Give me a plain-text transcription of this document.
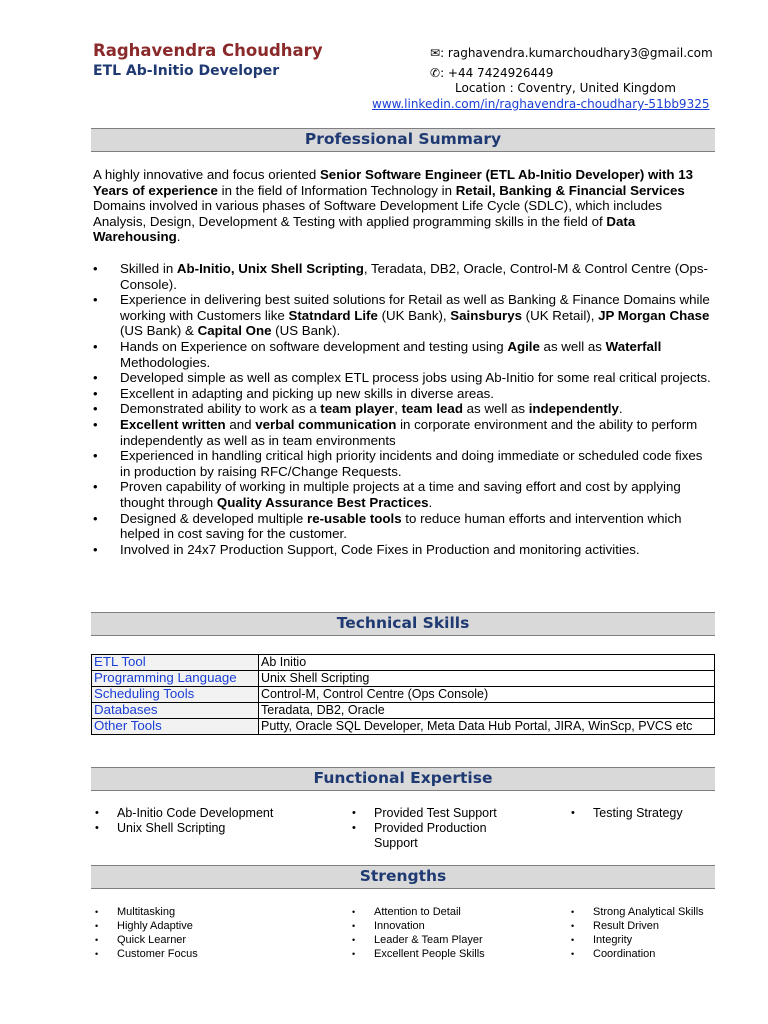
Raghavendra Choudhary
ETL Ab-Initio Developer
✉: raghavendra.kumarchoudhary3@gmail.com
✆: +44 7424926449
Location : Coventry, United Kingdom
www.linkedin.com/in/raghavendra-choudhary-51bb9325
Professional Summary
A highly innovative and focus oriented Senior Software Engineer (ETL Ab-Initio Developer) with 13 Years of experience in the field of Information Technology in Retail, Banking & Financial Services Domains involved in various phases of Software Development Life Cycle (SDLC), which includes Analysis, Design, Development & Testing with applied programming skills in the field of Data Warehousing.
• Skilled in Ab-Initio, Unix Shell Scripting, Teradata, DB2, Oracle, Control-M & Control Centre (Ops-Console).
• Experience in delivering best suited solutions for Retail as well as Banking & Finance Domains while working with Customers like Statndard Life (UK Bank), Sainsburys (UK Retail), JP Morgan Chase (US Bank) & Capital One (US Bank).
• Hands on Experience on software development and testing using Agile as well as Waterfall Methodologies.
• Developed simple as well as complex ETL process jobs using Ab-Initio for some real critical projects.
• Excellent in adapting and picking up new skills in diverse areas.
• Demonstrated ability to work as a team player, team lead as well as independently.
• Excellent written and verbal communication in corporate environment and the ability to perform independently as well as in team environments
• Experienced in handling critical high priority incidents and doing immediate or scheduled code fixes in production by raising RFC/Change Requests.
• Proven capability of working in multiple projects at a time and saving effort and cost by applying thought through Quality Assurance Best Practices.
• Designed & developed multiple re-usable tools to reduce human efforts and intervention which helped in cost saving for the customer.
• Involved in 24x7 Production Support, Code Fixes in Production and monitoring activities.
Technical Skills
ETL Tool	Ab Initio
Programming Language	Unix Shell Scripting
Scheduling Tools	Control-M, Control Centre (Ops Console)
Databases	Teradata, DB2, Oracle
Other Tools	Putty, Oracle SQL Developer, Meta Data Hub Portal, JIRA, WinScp, PVCS etc
Functional Expertise
• Ab-Initio Code Development
• Unix Shell Scripting
• Provided Test Support
• Provided Production Support
• Testing Strategy
Strengths
• Multitasking
• Highly Adaptive
• Quick Learner
• Customer Focus
• Attention to Detail
• Innovation
• Leader & Team Player
• Excellent People Skills
• Strong Analytical Skills
• Result Driven
• Integrity
• Coordination
